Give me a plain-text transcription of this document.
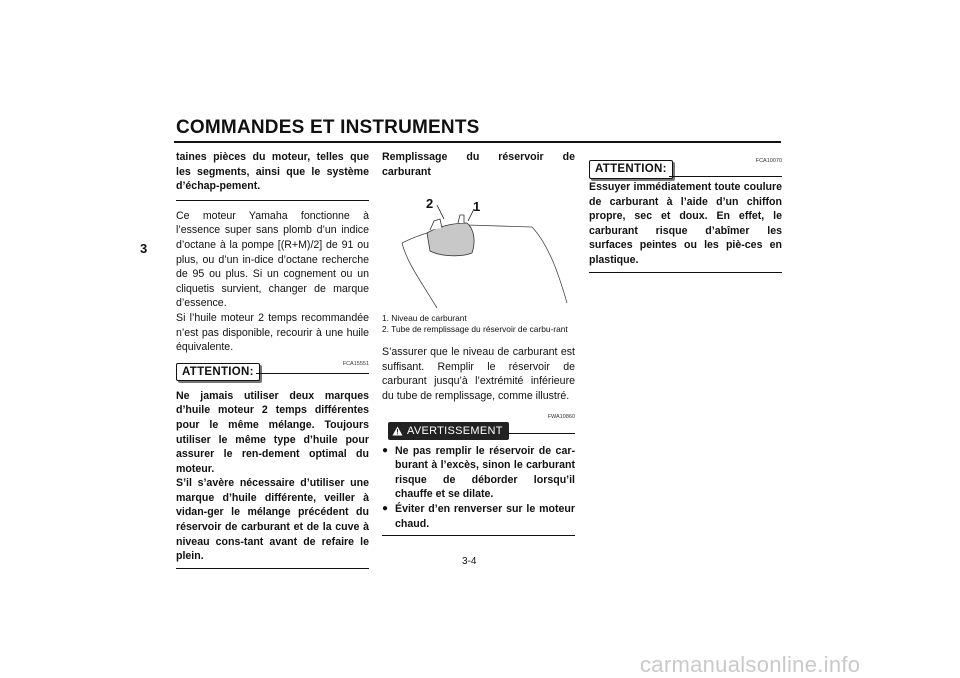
COMMANDES ET INSTRUMENTS
3
taines pièces du moteur, telles que les segments, ainsi que le système d’échap-pement.
Ce moteur Yamaha fonctionne à l’essence super sans plomb d’un indice d’octane à la pompe [(R+M)/2] de 91 ou plus, ou d’un in-dice d’octane recherche de 95 ou plus. Si un cognement ou un cliquetis survient, changer de marque d’essence.
Si l’huile moteur 2 temps recommandée n’est pas disponible, recourir à une huile équivalente.
ATTENTION:
FCA15551
Ne jamais utiliser deux marques d’huile moteur 2 temps différentes pour le même mélange. Toujours utiliser le même type d’huile pour assurer le ren-dement optimal du moteur.
S’il s’avère nécessaire d’utiliser une marque d’huile différente, veiller à vidan-ger le mélange précédent du réservoir de carburant et de la cuve à niveau cons-tant avant de refaire le plein.
Remplissage du réservoir de carburant
2	1
1. Niveau de carburant
2. Tube de remplissage du réservoir de carbu-rant
S’assurer que le niveau de carburant est suffisant. Remplir le réservoir de carburant jusqu’à l’extrémité inférieure du tube de remplissage, comme illustré.
FWA10860
AVERTISSEMENT
● Ne pas remplir le réservoir de car-burant à l’excès, sinon le carburant risque de déborder lorsqu’il chauffe et se dilate.
● Éviter d’en renverser sur le moteur chaud.
FCA10070
ATTENTION:
Essuyer immédiatement toute coulure de carburant à l’aide d’un chiffon propre, sec et doux. En effet, le carburant risque d’abîmer les surfaces peintes ou les piè-ces en plastique.
3-4
carmanualsonline.info
